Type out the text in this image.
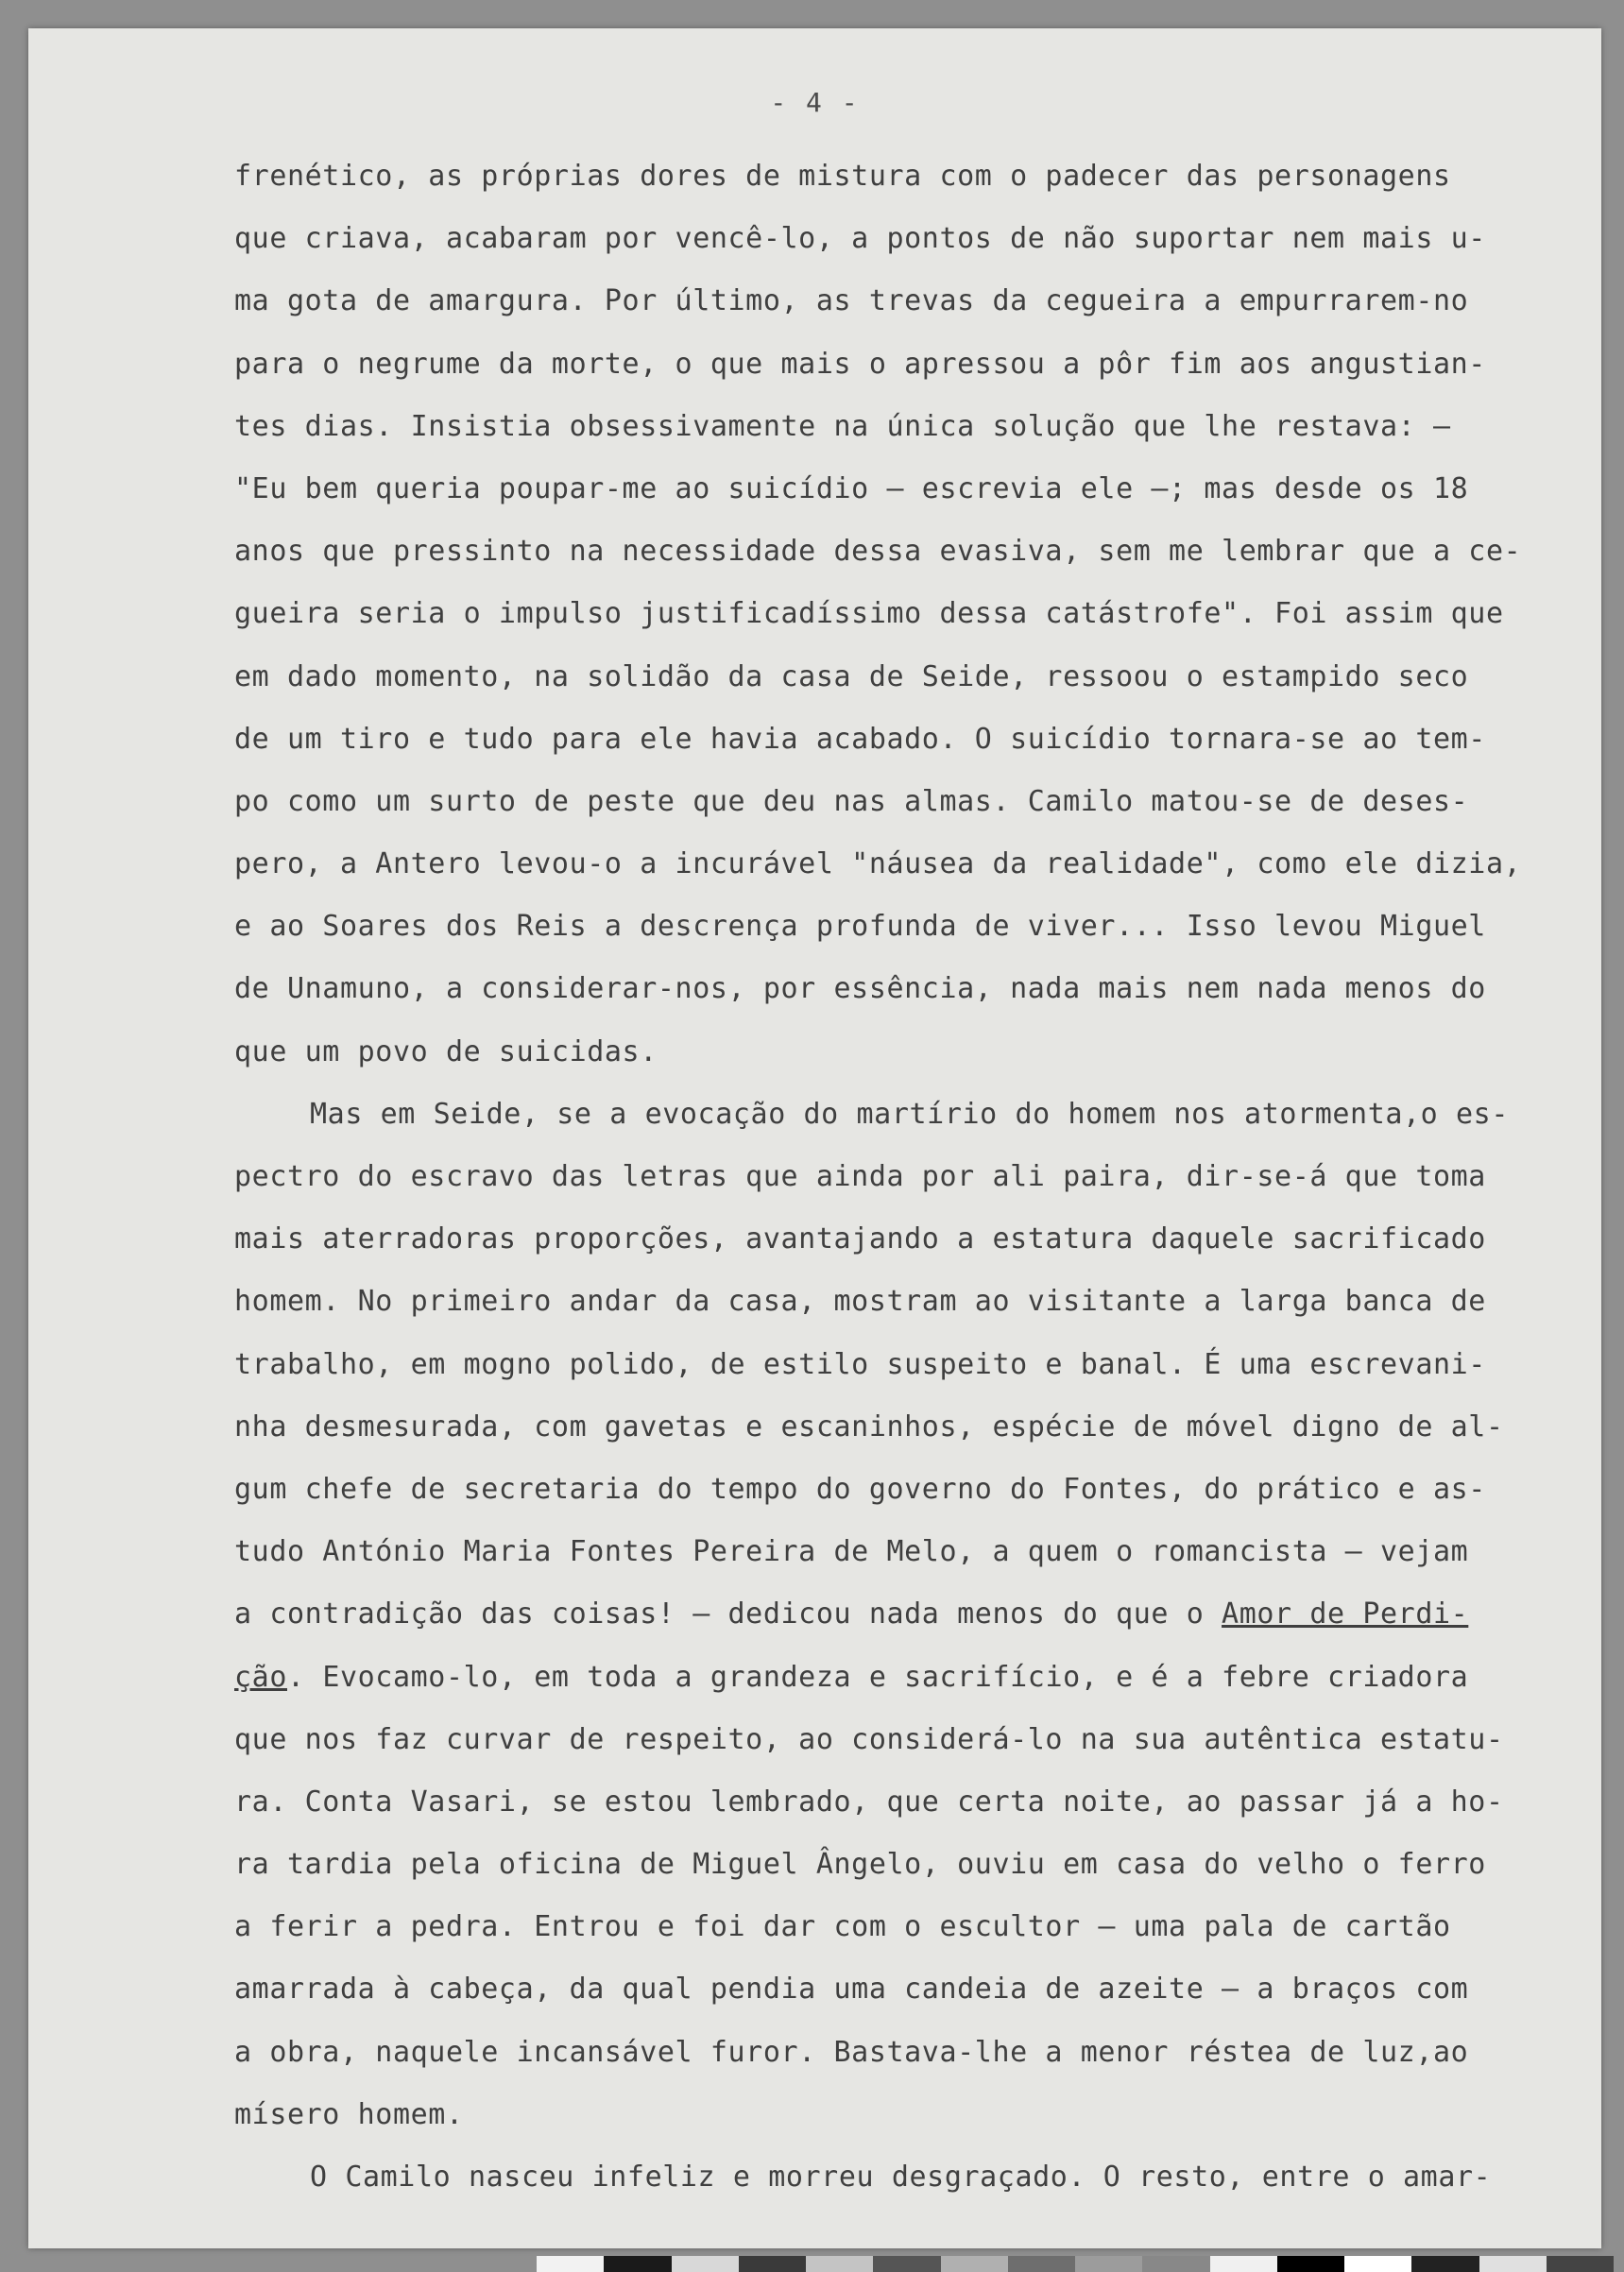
- 4 -
frenético, as próprias dores de mistura com o padecer das personagens
que criava, acabaram por vencê-lo, a pontos de não suportar nem mais u-
ma gota de amargura. Por último, as trevas da cegueira a empurrarem-no
para o negrume da morte, o que mais o apressou a pôr fim aos angustian-
tes dias. Insistia obsessivamente na única solução que lhe restava: —
"Eu bem queria poupar-me ao suicídio — escrevia ele —; mas desde os 18
anos que pressinto na necessidade dessa evasiva, sem me lembrar que a ce-
gueira seria o impulso justificadíssimo dessa catástrofe". Foi assim que
em dado momento, na solidão da casa de Seide, ressoou o estampido seco
de um tiro e tudo para ele havia acabado. O suicídio tornara-se ao tem-
po como um surto de peste que deu nas almas. Camilo matou-se de deses-
pero, a Antero levou-o a incurável "náusea da realidade", como ele dizia,
e ao Soares dos Reis a descrença profunda de viver... Isso levou Miguel
de Unamuno, a considerar-nos, por essência, nada mais nem nada menos do
que um povo de suicidas.
Mas em Seide, se a evocação do martírio do homem nos atormenta,o es-
pectro do escravo das letras que ainda por ali paira, dir-se-á que toma
mais aterradoras proporções, avantajando a estatura daquele sacrificado
homem. No primeiro andar da casa, mostram ao visitante a larga banca de
trabalho, em mogno polido, de estilo suspeito e banal. É uma escrevani-
nha desmesurada, com gavetas e escaninhos, espécie de móvel digno de al-
gum chefe de secretaria do tempo do governo do Fontes, do prático e as-
tudo António Maria Fontes Pereira de Melo, a quem o romancista — vejam
a contradição das coisas! — dedicou nada menos do que o Amor de Perdi-
ção. Evocamo-lo, em toda a grandeza e sacrifício, e é a febre criadora
que nos faz curvar de respeito, ao considerá-lo na sua autêntica estatu-
ra. Conta Vasari, se estou lembrado, que certa noite, ao passar já a ho-
ra tardia pela oficina de Miguel Ângelo, ouviu em casa do velho o ferro
a ferir a pedra. Entrou e foi dar com o escultor — uma pala de cartão
amarrada à cabeça, da qual pendia uma candeia de azeite — a braços com
a obra, naquele incansável furor. Bastava-lhe a menor réstea de luz,ao
mísero homem.
O Camilo nasceu infeliz e morreu desgraçado. O resto, entre o amar-
